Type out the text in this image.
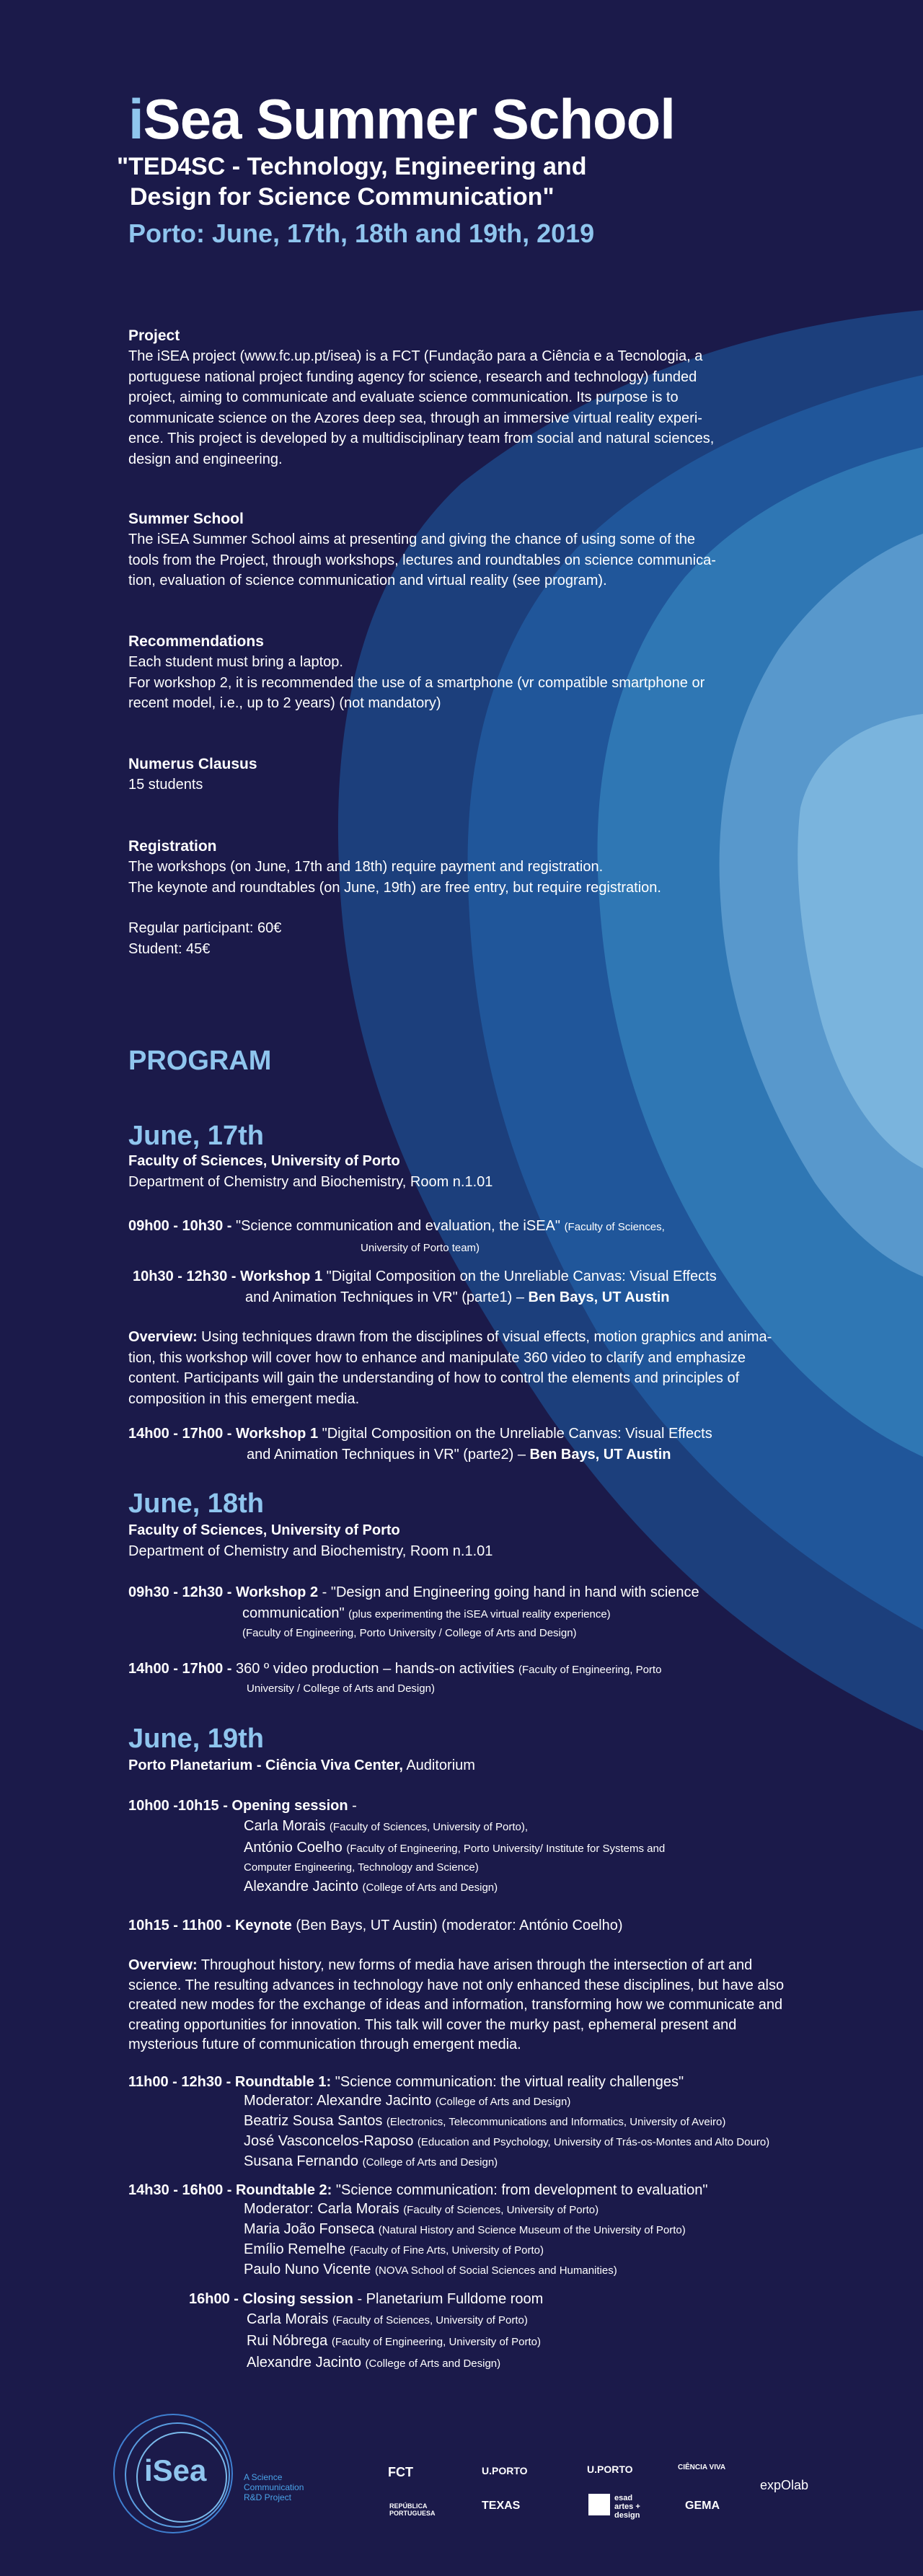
iSea Summer School
"TED4SC - Technology, Engineering and
Design for Science Communication"
Porto: June, 17th, 18th and 19th, 2019
Project
The iSEA project (www.fc.up.pt/isea) is a FCT (Fundação para a Ciência e a Tecnologia, a
portuguese national project funding agency for science, research and technology) funded
project, aiming to communicate and evaluate science communication. Its purpose is to
communicate science on the Azores deep sea, through an immersive virtual reality experi-
ence. This project is developed by a multidisciplinary team from social and natural sciences,
design and engineering.
Summer School
The iSEA Summer School aims at presenting and giving the chance of using some of the
tools from the Project, through workshops, lectures and roundtables on science communica-
tion, evaluation of science communication and virtual reality (see program).
Recommendations
Each student must bring a laptop.
For workshop 2, it is recommended the use of a smartphone (vr compatible smartphone or
recent model, i.e., up to 2 years) (not mandatory)
Numerus Clausus
15 students
Registration
The workshops (on June, 17th and 18th) require payment and registration.
The keynote and roundtables (on June, 19th) are free entry, but require registration.
Regular participant: 60€
Student: 45€
PROGRAM
June, 17th
Faculty of Sciences, University of Porto
Department of Chemistry and Biochemistry, Room n.1.01
09h00 - 10h30 - "Science communication and evaluation, the iSEA" (Faculty of Sciences,
University of Porto team)
10h30 - 12h30 - Workshop 1 "Digital Composition on the Unreliable Canvas: Visual Effects
and Animation Techniques in VR" (parte1) – Ben Bays, UT Austin
Overview: Using techniques drawn from the disciplines of visual effects, motion graphics and anima-
tion, this workshop will cover how to enhance and manipulate 360 video to clarify and emphasize
content. Participants will gain the understanding of how to control the elements and principles of
composition in this emergent media.
14h00 - 17h00 - Workshop 1 "Digital Composition on the Unreliable Canvas: Visual Effects
and Animation Techniques in VR" (parte2) – Ben Bays, UT Austin
June, 18th
Faculty of Sciences, University of Porto
Department of Chemistry and Biochemistry, Room n.1.01
09h30 - 12h30 - Workshop 2 - "Design and Engineering going hand in hand with science
communication" (plus experimenting the iSEA virtual reality experience)
(Faculty of Engineering, Porto University / College of Arts and Design)
14h00 - 17h00 - 360 º video production – hands-on activities (Faculty of Engineering, Porto
University / College of Arts and Design)
June, 19th
Porto Planetarium - Ciência Viva Center, Auditorium
10h00 -10h15 - Opening session -
Carla Morais (Faculty of Sciences, University of Porto),
António Coelho (Faculty of Engineering, Porto University/ Institute for Systems and
Computer Engineering, Technology and Science)
Alexandre Jacinto (College of Arts and Design)
10h15 - 11h00 - Keynote (Ben Bays, UT Austin) (moderator: António Coelho)
Overview: Throughout history, new forms of media have arisen through the intersection of art and
science. The resulting advances in technology have not only enhanced these disciplines, but have also
created new modes for the exchange of ideas and information, transforming how we communicate and
creating opportunities for innovation. This talk will cover the murky past, ephemeral present and
mysterious future of communication through emergent media.
11h00 - 12h30 - Roundtable 1: "Science communication: the virtual reality challenges"
Moderator: Alexandre Jacinto (College of Arts and Design)
Beatriz Sousa Santos (Electronics, Telecommunications and Informatics, University of Aveiro)
José Vasconcelos-Raposo (Education and Psychology, University of Trás-os-Montes and Alto Douro)
Susana Fernando (College of Arts and Design)
14h30 - 16h00 - Roundtable 2: "Science communication: from development to evaluation"
Moderator: Carla Morais (Faculty of Sciences, University of Porto)
Maria João Fonseca (Natural History and Science Museum of the University of Porto)
Emílio Remelhe (Faculty of Fine Arts, University of Porto)
Paulo Nuno Vicente (NOVA School of Social Sciences and Humanities)
16h00 - Closing session - Planetarium Fulldome room
Carla Morais (Faculty of Sciences, University of Porto)
Rui Nóbrega (Faculty of Engineering, University of Porto)
Alexandre Jacinto (College of Arts and Design)
iSea	A Science
Communication
R&D Project
FCT	U.PORTO	U.PORTO	CIÊNCIA VIVA
expOlab
REPÚBLICA PORTUGUESA
TEXAS
esad artes + design
GEMA
